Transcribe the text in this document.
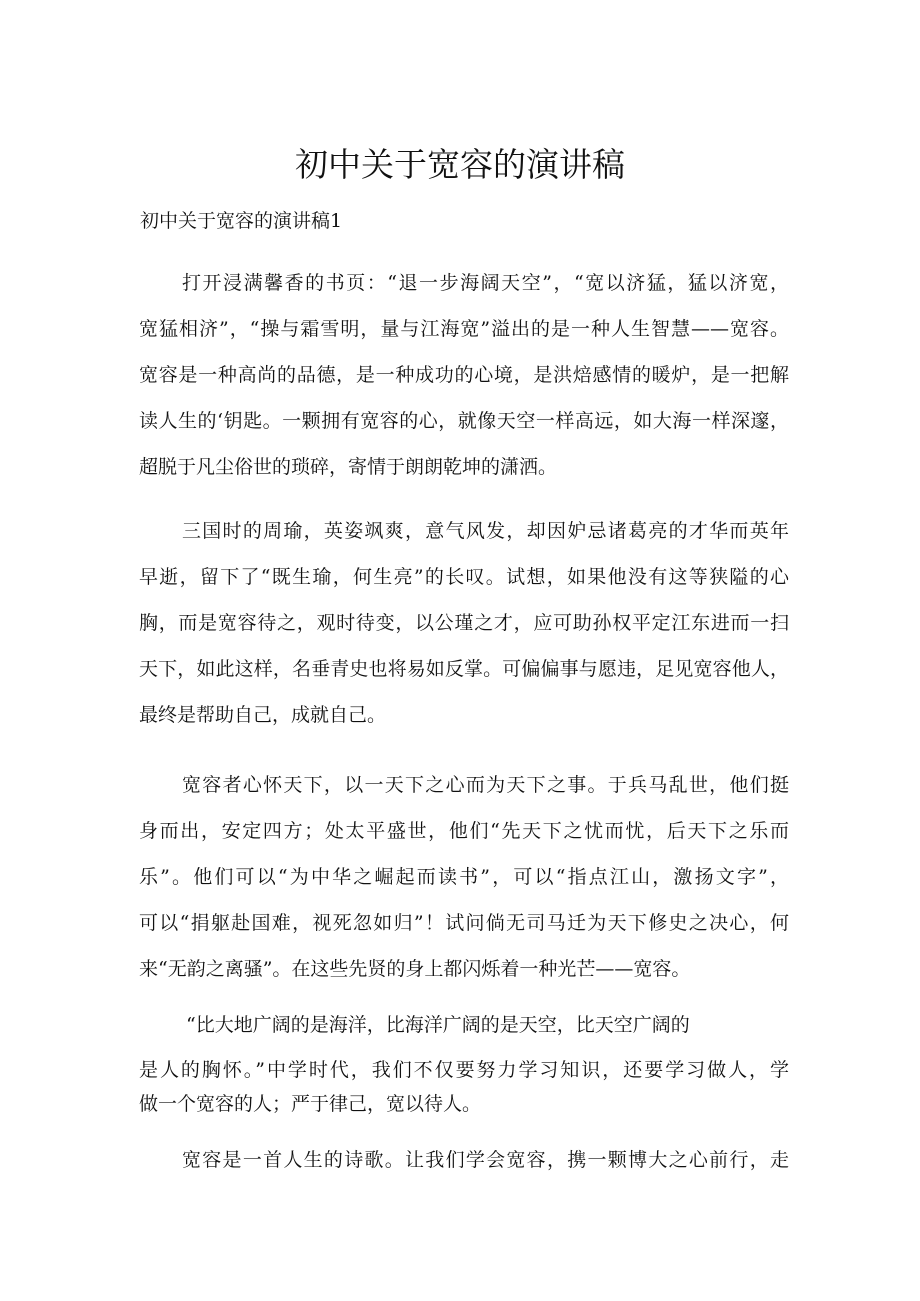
初中关于宽容的演讲稿

初中关于宽容的演讲稿1

打开浸满馨香的书页：“退一步海阔天空”，“宽以济猛，猛以济宽，
宽猛相济”，“操与霜雪明，量与江海宽”溢出的是一种人生智慧——宽容。
宽容是一种高尚的品德，是一种成功的心境，是洪焙感情的暖炉，是一把解
读人生的‘钥匙。一颗拥有宽容的心，就像天空一样高远，如大海一样深邃，
超脱于凡尘俗世的琐碎，寄情于朗朗乾坤的潇洒。
三国时的周瑜，英姿飒爽，意气风发，却因妒忌诸葛亮的才华而英年
早逝，留下了“既生瑜，何生亮”的长叹。试想，如果他没有这等狭隘的心
胸，而是宽容待之，观时待变，以公瑾之才，应可助孙权平定江东进而一扫
天下，如此这样，名垂青史也将易如反掌。可偏偏事与愿违，足见宽容他人，
最终是帮助自己，成就自己。
宽容者心怀天下，以一天下之心而为天下之事。于兵马乱世，他们挺
身而出，安定四方；处太平盛世，他们“先天下之忧而忧，后天下之乐而
乐”。他们可以“为中华之崛起而读书”，可以“指点江山，激扬文字”，
可以“捐躯赴国难，视死忽如归”！试问倘无司马迁为天下修史之决心，何
来“无韵之离骚”。在这些先贤的身上都闪烁着一种光芒——宽容。
“比大地广阔的是海洋，比海洋广阔的是天空，比天空广阔的
是人的胸怀。”中学时代，我们不仅要努力学习知识，还要学习做人，学
做一个宽容的人；严于律己，宽以待人。
宽容是一首人生的诗歌。让我们学会宽容，携一颗博大之心前行，走
